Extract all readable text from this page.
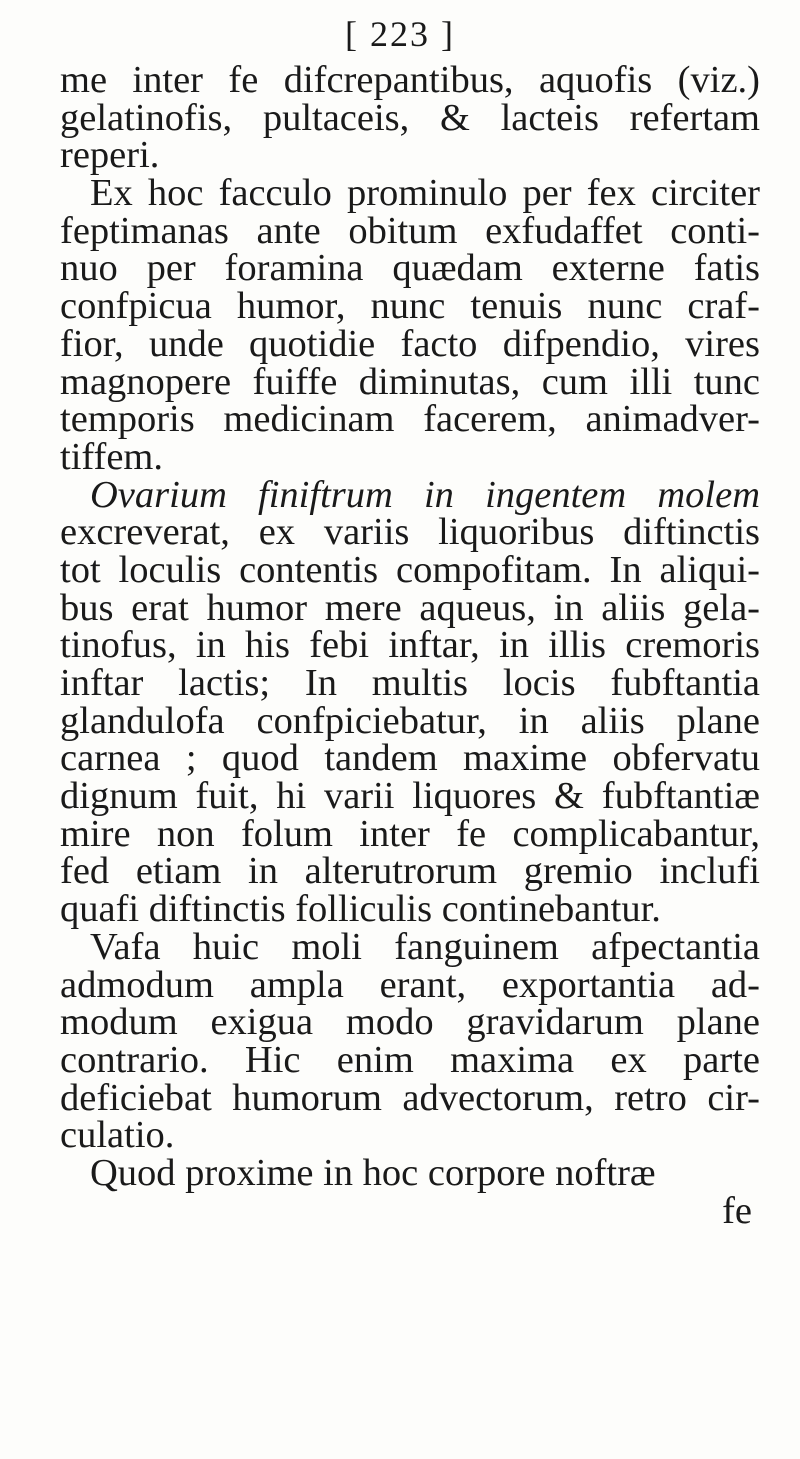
[ 223 ]
me inter fe difcrepantibus, aquofis (viz.)
gelatinofis, pultaceis, & lacteis refertam
reperi.
Ex hoc facculo prominulo per fex circiter
feptimanas ante obitum exfudaffet conti-
nuo per foramina quædam externe fatis
confpicua humor, nunc tenuis nunc craf-
fior, unde quotidie facto difpendio, vires
magnopere fuiffe diminutas, cum illi tunc
temporis medicinam facerem, animadver-
tiffem.
Ovarium finiftrum in ingentem molem
excreverat, ex variis liquoribus diftinctis
tot loculis contentis compofitam. In aliqui-
bus erat humor mere aqueus, in aliis gela-
tinofus, in his febi inftar, in illis cremoris
inftar lactis; In multis locis fubftantia
glandulofa confpiciebatur, in aliis plane
carnea ; quod tandem maxime obfervatu
dignum fuit, hi varii liquores & fubftantiæ
mire non folum inter fe complicabantur,
fed etiam in alterutrorum gremio inclufi
quafi diftinctis folliculis continebantur.
Vafa huic moli fanguinem afpectantia
admodum ampla erant, exportantia ad-
modum exigua modo gravidarum plane
contrario. Hic enim maxima ex parte
deficiebat humorum advectorum, retro cir-
culatio.
Quod proxime in hoc corpore noftræ
fe
